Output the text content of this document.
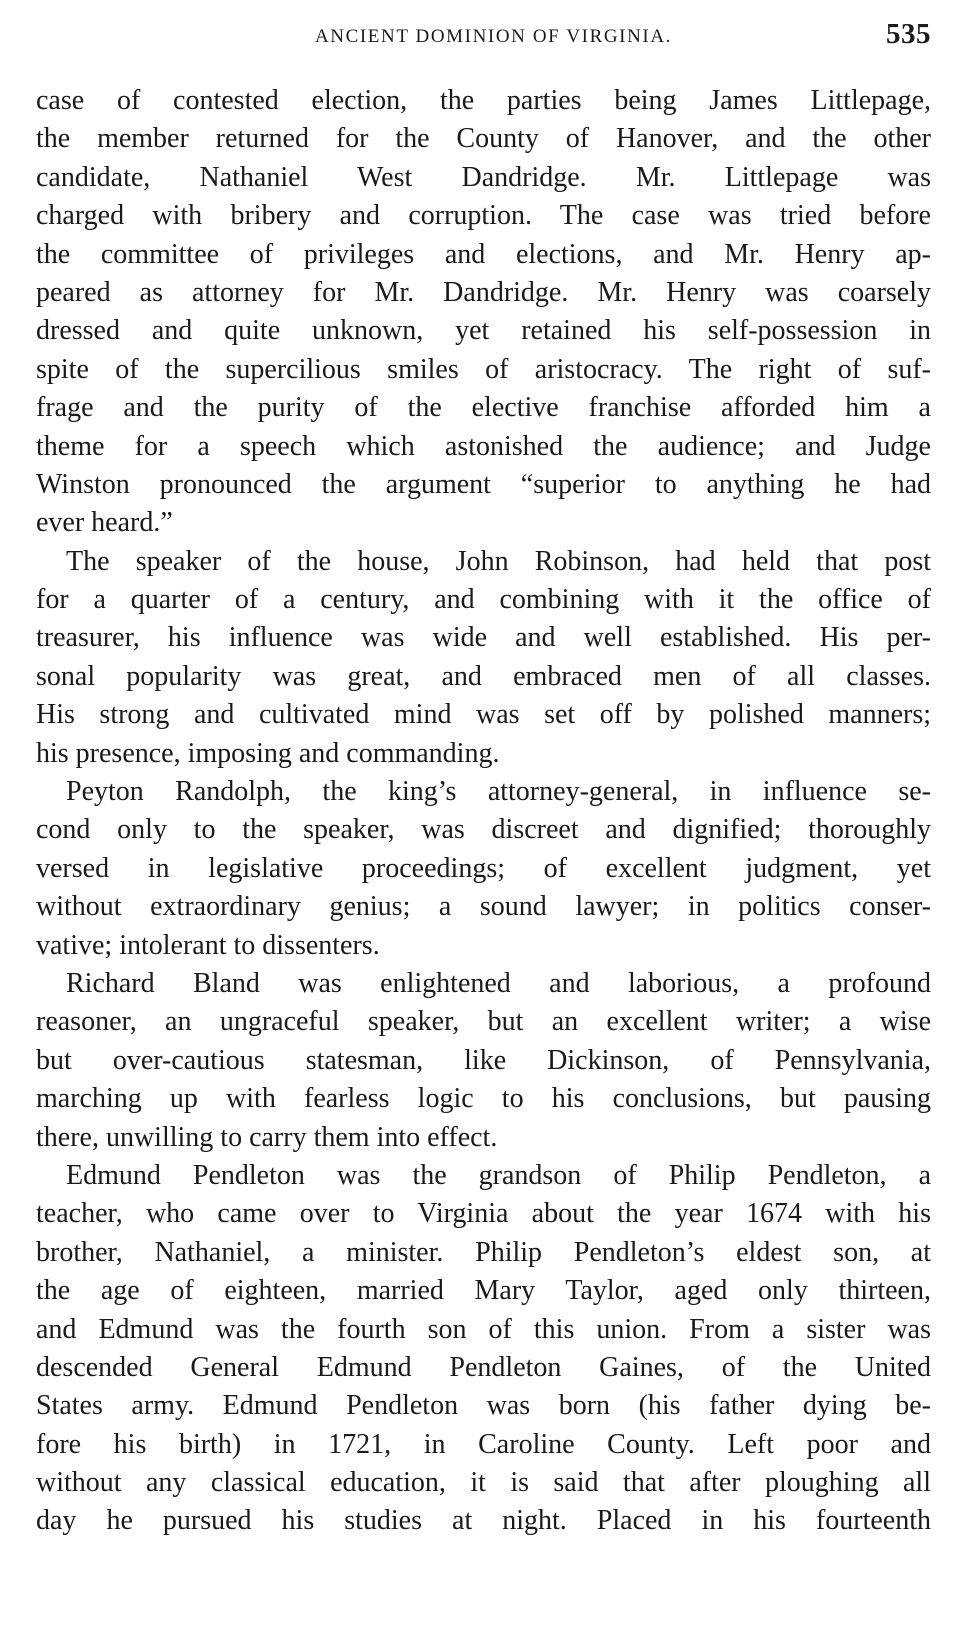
ANCIENT DOMINION OF VIRGINIA.	535
case of contested election, the parties being James Littlepage,
the member returned for the County of Hanover, and the other
candidate, Nathaniel West Dandridge. Mr. Littlepage was
charged with bribery and corruption. The case was tried before
the committee of privileges and elections, and Mr. Henry ap-
peared as attorney for Mr. Dandridge. Mr. Henry was coarsely
dressed and quite unknown, yet retained his self-possession in
spite of the supercilious smiles of aristocracy. The right of suf-
frage and the purity of the elective franchise afforded him a
theme for a speech which astonished the audience; and Judge
Winston pronounced the argument “superior to anything he had
ever heard.”
The speaker of the house, John Robinson, had held that post
for a quarter of a century, and combining with it the office of
treasurer, his influence was wide and well established. His per-
sonal popularity was great, and embraced men of all classes.
His strong and cultivated mind was set off by polished manners;
his presence, imposing and commanding.
Peyton Randolph, the king’s attorney-general, in influence se-
cond only to the speaker, was discreet and dignified; thoroughly
versed in legislative proceedings; of excellent judgment, yet
without extraordinary genius; a sound lawyer; in politics conser-
vative; intolerant to dissenters.
Richard Bland was enlightened and laborious, a profound
reasoner, an ungraceful speaker, but an excellent writer; a wise
but over-cautious statesman, like Dickinson, of Pennsylvania,
marching up with fearless logic to his conclusions, but pausing
there, unwilling to carry them into effect.
Edmund Pendleton was the grandson of Philip Pendleton, a
teacher, who came over to Virginia about the year 1674 with his
brother, Nathaniel, a minister. Philip Pendleton’s eldest son, at
the age of eighteen, married Mary Taylor, aged only thirteen,
and Edmund was the fourth son of this union. From a sister was
descended General Edmund Pendleton Gaines, of the United
States army. Edmund Pendleton was born (his father dying be-
fore his birth) in 1721, in Caroline County. Left poor and
without any classical education, it is said that after ploughing all
day he pursued his studies at night. Placed in his fourteenth
